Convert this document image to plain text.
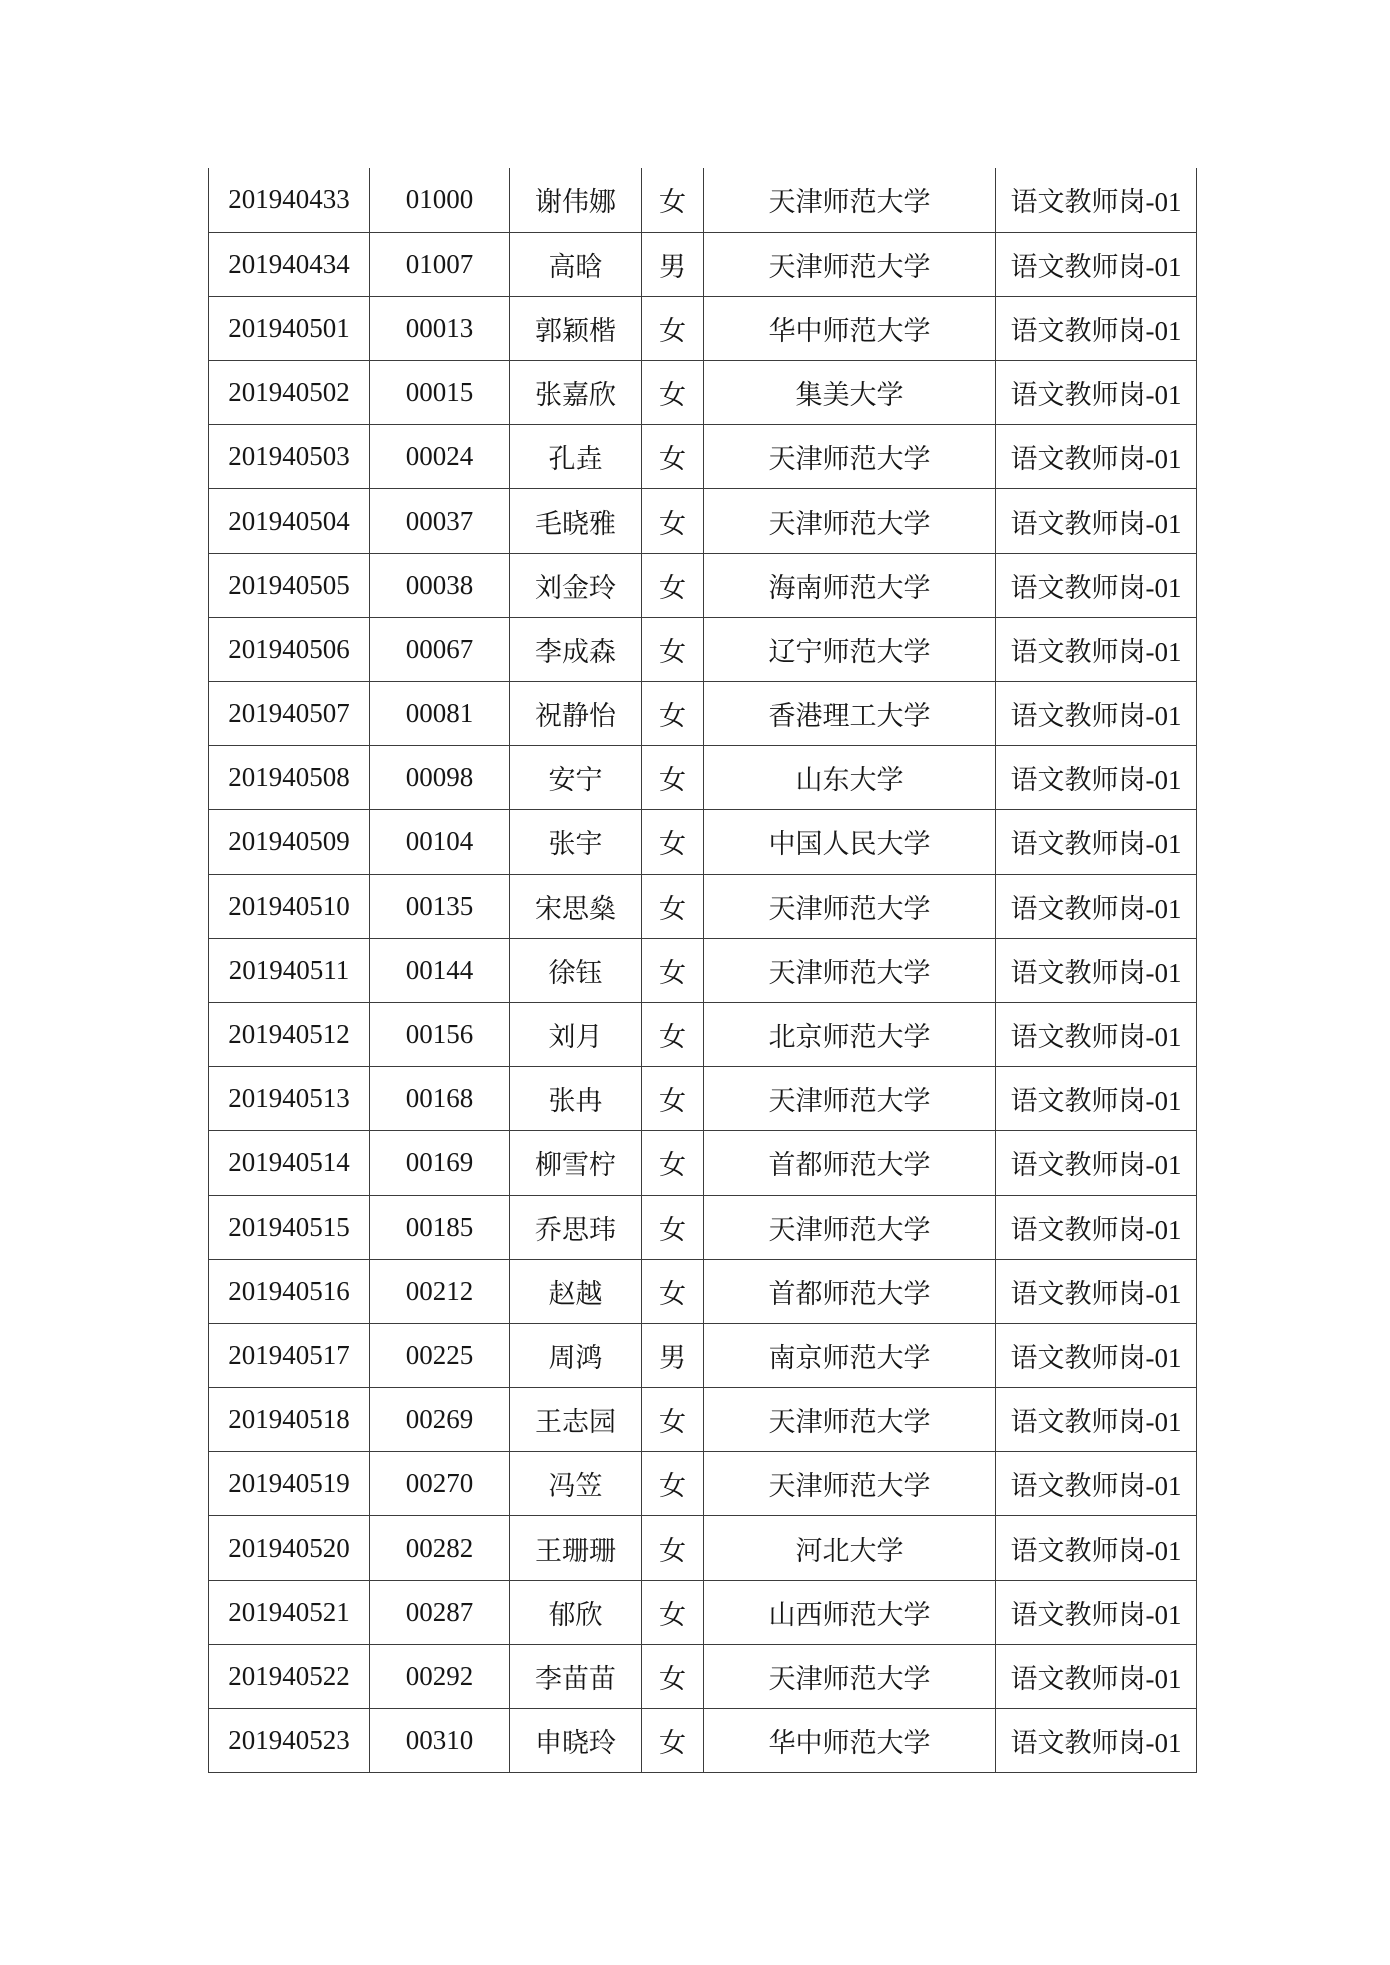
201940433	01000	谢伟娜	女	天津师范大学	语文教师岗-01
201940434	01007	高晗	男	天津师范大学	语文教师岗-01
201940501	00013	郭颖楷	女	华中师范大学	语文教师岗-01
201940502	00015	张嘉欣	女	集美大学	语文教师岗-01
201940503	00024	孔垚	女	天津师范大学	语文教师岗-01
201940504	00037	毛晓雅	女	天津师范大学	语文教师岗-01
201940505	00038	刘金玲	女	海南师范大学	语文教师岗-01
201940506	00067	李成森	女	辽宁师范大学	语文教师岗-01
201940507	00081	祝静怡	女	香港理工大学	语文教师岗-01
201940508	00098	安宁	女	山东大学	语文教师岗-01
201940509	00104	张宇	女	中国人民大学	语文教师岗-01
201940510	00135	宋思燊	女	天津师范大学	语文教师岗-01
201940511	00144	徐钰	女	天津师范大学	语文教师岗-01
201940512	00156	刘月	女	北京师范大学	语文教师岗-01
201940513	00168	张冉	女	天津师范大学	语文教师岗-01
201940514	00169	柳雪柠	女	首都师范大学	语文教师岗-01
201940515	00185	乔思玮	女	天津师范大学	语文教师岗-01
201940516	00212	赵越	女	首都师范大学	语文教师岗-01
201940517	00225	周鸿	男	南京师范大学	语文教师岗-01
201940518	00269	王志园	女	天津师范大学	语文教师岗-01
201940519	00270	冯笠	女	天津师范大学	语文教师岗-01
201940520	00282	王珊珊	女	河北大学	语文教师岗-01
201940521	00287	郁欣	女	山西师范大学	语文教师岗-01
201940522	00292	李苗苗	女	天津师范大学	语文教师岗-01
201940523	00310	申晓玲	女	华中师范大学	语文教师岗-01
